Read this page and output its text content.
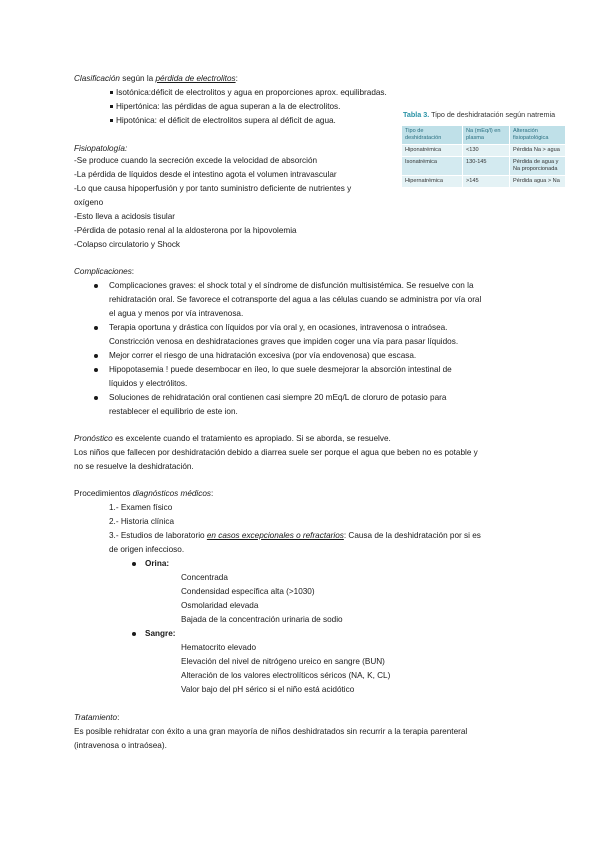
Clasificación según la pérdida de electrolitos:
Isotónica:déficit de electrolitos y agua en proporciones aprox. equilibradas.
Hipertónica: las pérdidas de agua superan a la de electrolitos.
Hipotónica: el déficit de electrolitos supera al déficit de agua.
Tabla 3. Tipo de deshidratación según natremia
Tipo de deshidratación	Na (mEq/l) en plasma	Alteración fisiopatológica
Hiponatrémica	<130	Pérdida Na > agua
Isonatrémica	130-145	Pérdida de agua y Na proporcionada
Hipernatrémica	>145	Pérdida agua > Na
Fisiopatología:
-Se produce cuando la secreción excede la velocidad de absorción
-La pérdida de líquidos desde el intestino agota el volumen intravascular
-Lo que causa hipoperfusión y por tanto suministro deficiente de nutrientes y
oxígeno
-Esto lleva a acidosis tisular
-Pérdida de potasio renal al la aldosterona por la hipovolemia
-Colapso circulatorio y Shock
Complicaciones:
Complicaciones graves: el shock total y el síndrome de disfunción multisistémica. Se resuelve con la
rehidratación oral. Se favorece el cotransporte del agua a las células cuando se administra por vía oral
el agua y menos por vía intravenosa.
Terapia oportuna y drástica con líquidos por vía oral y, en ocasiones, intravenosa o intraósea.
Constricción venosa en deshidrataciones graves que impiden coger una vía para pasar líquidos.
Mejor correr el riesgo de una hidratación excesiva (por vía endovenosa) que escasa.
Hipopotasemia ! puede desembocar en íleo, lo que suele desmejorar la absorción intestinal de
líquidos y electrólitos.
Soluciones de rehidratación oral contienen casi siempre 20 mEq/L de cloruro de potasio para
restablecer el equilibrio de este ion.
Pronóstico es excelente cuando el tratamiento es apropiado. Si se aborda, se resuelve.
Los niños que fallecen por deshidratación debido a diarrea suele ser porque el agua que beben no es potable y
no se resuelve la deshidratación.
Procedimientos diagnósticos médicos:
1.- Examen físico
2.- Historia clínica
3.- Estudios de laboratorio en casos excepcionales o refractarios: Causa de la deshidratación por si es
de origen infeccioso.
Orina:
Concentrada
Condensidad específica alta (>1030)
Osmolaridad elevada
Bajada de la concentración urinaria de sodio
Sangre:
Hematocrito elevado
Elevación del nivel de nitrógeno ureico en sangre (BUN)
Alteración de los valores electrolíticos séricos (NA, K, CL)
Valor bajo del pH sérico si el niño está acidótico
Tratamiento:
Es posible rehidratar con éxito a una gran mayoría de niños deshidratados sin recurrir a la terapia parenteral
(intravenosa o intraósea).
